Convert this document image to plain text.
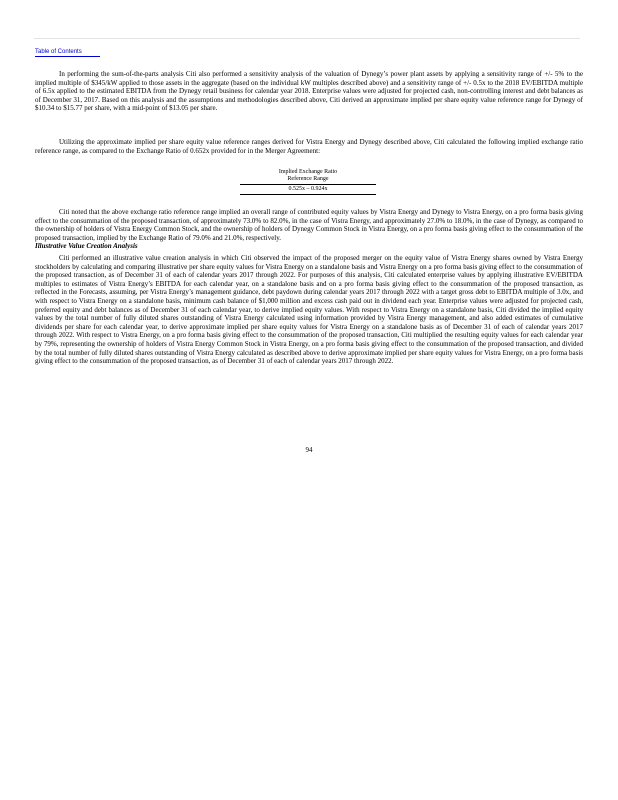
Table of Contents

In performing the sum-of-the-parts analysis Citi also performed a sensitivity analysis of the valuation of Dynegy’s power plant assets by applying a sensitivity range of +/- 5% to the implied multiple of $345/kW applied to those assets in the aggregate (based on the individual kW multiples described above) and a sensitivity range of +/- 0.5x to the 2018 EV/EBITDA multiple of 6.5x applied to the estimated EBITDA from the Dynegy retail business for calendar year 2018. Enterprise values were adjusted for projected cash, non-controlling interest and debt balances as of December 31, 2017. Based on this analysis and the assumptions and methodologies described above, Citi derived an approximate implied per share equity value reference range for Dynegy of $10.34 to $15.77 per share, with a mid-point of $13.05 per share.

Utilizing the approximate implied per share equity value reference ranges derived for Vistra Energy and Dynegy described above, Citi calculated the following implied exchange ratio reference range, as compared to the Exchange Ratio of 0.652x provided for in the Merger Agreement:

Implied Exchange Ratio
Reference Range
0.525x – 0.924x

Citi noted that the above exchange ratio reference range implied an overall range of contributed equity values by Vistra Energy and Dynegy to Vistra Energy, on a pro forma basis giving effect to the consummation of the proposed transaction, of approximately 73.0% to 82.0%, in the case of Vistra Energy, and approximately 27.0% to 18.0%, in the case of Dynegy, as compared to the ownership of holders of Vistra Energy Common Stock, and the ownership of holders of Dynegy Common Stock in Vistra Energy, on a pro forma basis giving effect to the consummation of the proposed transaction, implied by the Exchange Ratio of 79.0% and 21.0%, respectively.

Illustrative Value Creation Analysis

Citi performed an illustrative value creation analysis in which Citi observed the impact of the proposed merger on the equity value of Vistra Energy shares owned by Vistra Energy stockholders by calculating and comparing illustrative per share equity values for Vistra Energy on a standalone basis and Vistra Energy on a pro forma basis giving effect to the consummation of the proposed transaction, as of December 31 of each of calendar years 2017 through 2022. For purposes of this analysis, Citi calculated enterprise values by applying illustrative EV/EBITDA multiples to estimates of Vistra Energy’s EBITDA for each calendar year, on a standalone basis and on a pro forma basis giving effect to the consummation of the proposed transaction, as reflected in the Forecasts, assuming, per Vistra Energy’s management guidance, debt paydown during calendar years 2017 through 2022 with a target gross debt to EBITDA multiple of 3.0x, and with respect to Vistra Energy on a standalone basis, minimum cash balance of $1,000 million and excess cash paid out in dividend each year. Enterprise values were adjusted for projected cash, preferred equity and debt balances as of December 31 of each calendar year, to derive implied equity values. With respect to Vistra Energy on a standalone basis, Citi divided the implied equity values by the total number of fully diluted shares outstanding of Vistra Energy calculated using information provided by Vistra Energy management, and also added estimates of cumulative dividends per share for each calendar year, to derive approximate implied per share equity values for Vistra Energy on a standalone basis as of December 31 of each of calendar years 2017 through 2022. With respect to Vistra Energy, on a pro forma basis giving effect to the consummation of the proposed transaction, Citi multiplied the resulting equity values for each calendar year by 79%, representing the ownership of holders of Vistra Energy Common Stock in Vistra Energy, on a pro forma basis giving effect to the consummation of the proposed transaction, and divided by the total number of fully diluted shares outstanding of Vistra Energy calculated as described above to derive approximate implied per share equity values for Vistra Energy, on a pro forma basis giving effect to the consummation of the proposed transaction, as of December 31 of each of calendar years 2017 through 2022.

94
